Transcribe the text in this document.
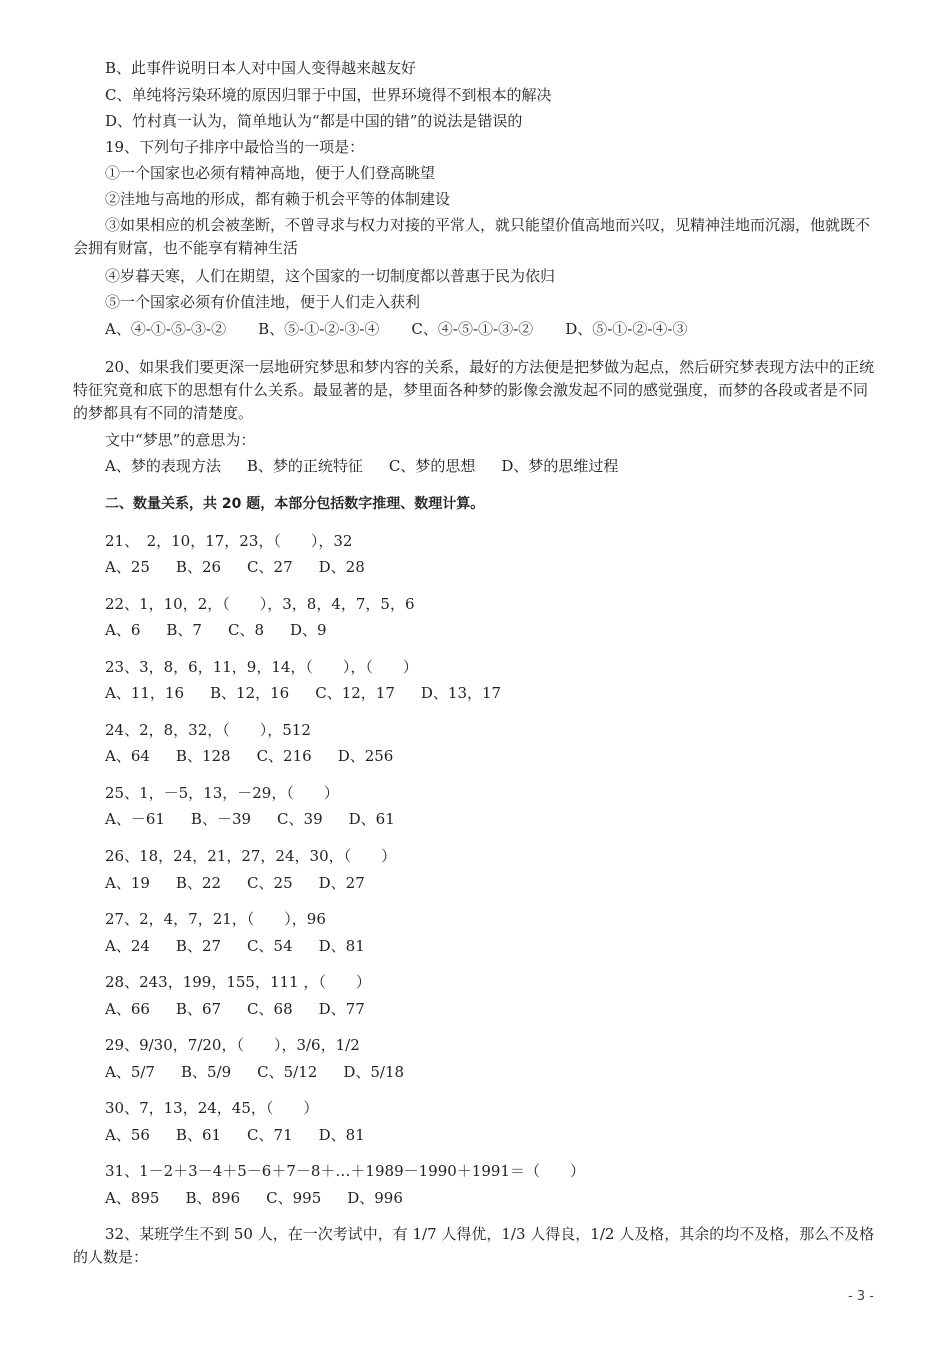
B、此事件说明日本人对中国人变得越来越友好
C、单纯将污染环境的原因归罪于中国，世界环境得不到根本的解决
D、竹村真一认为，简单地认为“都是中国的错”的说法是错误的
19、下列句子排序中最恰当的一项是：
①一个国家也必须有精神高地，便于人们登高眺望
②洼地与高地的形成，都有赖于机会平等的体制建设
③如果相应的机会被垄断，不曾寻求与权力对接的平常人，就只能望价值高地而兴叹，见精神洼地而沉溺，他就既不会拥有财富，也不能享有精神生活
④岁暮天寒，人们在期望，这个国家的一切制度都以普惠于民为依归
⑤一个国家必须有价值洼地，便于人们走入获利
A、④-①-⑤-③-② B、⑤-①-②-③-④ C、④-⑤-①-③-② D、⑤-①-②-④-③
20、如果我们要更深一层地研究梦思和梦内容的关系，最好的方法便是把梦做为起点，然后研究梦表现方法中的正统特征究竟和底下的思想有什么关系。最显著的是，梦里面各种梦的影像会激发起不同的感觉强度，而梦的各段或者是不同的梦都具有不同的清楚度。
文中“梦思”的意思为：
A、梦的表现方法 B、梦的正统特征 C、梦的思想 D、梦的思维过程
二、数量关系，共 20 题，本部分包括数字推理、数理计算。
21、　2，10，17，23，（　　），32
A、25 B、26 C、27 D、28
22、1，10，2，（　　），3，8，4，7，5，6
A、6 B、7 C、8 D、9
23、3，8，6，11，9，14，（　　），（　　）
A、11，16 B、12，16 C、12，17 D、13，17
24、2，8，32，（　　），512
A、64 B、128 C、216 D、256
25、1，－5，13，－29，（　　）
A、－61 B、－39 C、39 D、61
26、18，24，21，27，24，30，（　　）
A、19 B、22 C、25 D、27
27、2，4，7，21，（　　），96
A、24 B、27 C、54 D、81
28、243，199，155，111 ，（　　）
A、66 B、67 C、68 D、77
29、9/30，7/20，（　　），3/6，1/2
A、5/7 B、5/9 C、5/12 D、5/18
30、7，13，24，45，（　　）
A、56 B、61 C、71 D、81
31、1－2＋3－4＋5－6＋7－8＋…＋1989－1990＋1991＝（　　）
A、895 B、896 C、995 D、996
32、某班学生不到 50 人，在一次考试中，有 1/7 人得优，1/3 人得良，1/2 人及格，其余的均不及格，那么不及格的人数是：
- 3 -
